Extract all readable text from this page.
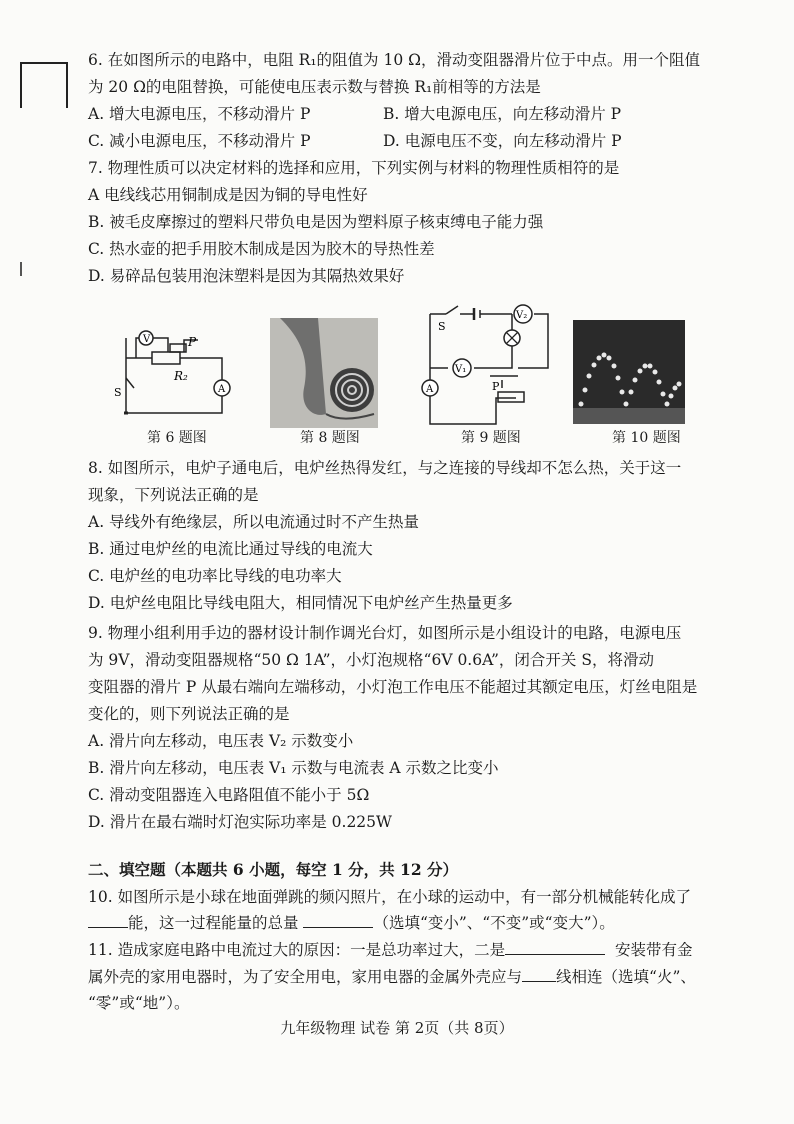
6. 在如图所示的电路中，电阻 R₁的阻值为 10 Ω，滑动变阻器滑片位于中点。用一个阻值
为 20 Ω的电阻替换，可能使电压表示数与替换 R₁前相等的方法是
A. 增大电源电压，不移动滑片 P	B. 增大电源电压，向左移动滑片 P
C. 减小电源电压，不移动滑片 P	D. 电源电压不变，向左移动滑片 P
7. 物理性质可以决定材料的选择和应用，下列实例与材料的物理性质相符的是
A 电线线芯用铜制成是因为铜的导电性好
B. 被毛皮摩擦过的塑料尺带负电是因为塑料原子核束缚电子能力强
C. 热水壶的把手用胶木制成是因为胶木的导热性差
D. 易碎品包装用泡沫塑料是因为其隔热效果好
V	P
R₂
S	A
第 6 题图	第 8 题图
S
V₂
V₁
A	P
第 9 题图	第 10 题图
8. 如图所示，电炉子通电后，电炉丝热得发红，与之连接的导线却不怎么热，关于这一
现象，下列说法正确的是
A. 导线外有绝缘层，所以电流通过时不产生热量
B. 通过电炉丝的电流比通过导线的电流大
C. 电炉丝的电功率比导线的电功率大
D. 电炉丝电阻比导线电阻大，相同情况下电炉丝产生热量更多
9. 物理小组利用手边的器材设计制作调光台灯，如图所示是小组设计的电路，电源电压
为 9V，滑动变阻器规格“50 Ω 1A”，小灯泡规格“6V 0.6A”，闭合开关 S，将滑动
变阻器的滑片 P 从最右端向左端移动，小灯泡工作电压不能超过其额定电压，灯丝电阻是
变化的，则下列说法正确的是
A. 滑片向左移动，电压表 V₂ 示数变小
B. 滑片向左移动，电压表 V₁ 示数与电流表 A 示数之比变小
C. 滑动变阻器连入电路阻值不能小于 5Ω
D. 滑片在最右端时灯泡实际功率是 0.225W
二、填空题（本题共 6 小题，每空 1 分，共 12 分）
10. 如图所示是小球在地面弹跳的频闪照片，在小球的运动中，有一部分机械能转化成了
能，这一过程能量的总量	（选填“变小”、“不变”或“变大”）。
11. 造成家庭电路中电流过大的原因：一是总功率过大，二是	安装带有金
属外壳的家用电器时，为了安全用电，家用电器的金属外壳应与 线相连（选填“火”、
“零”或“地”）。
九年级物理 试卷 第 2页（共 8页）
